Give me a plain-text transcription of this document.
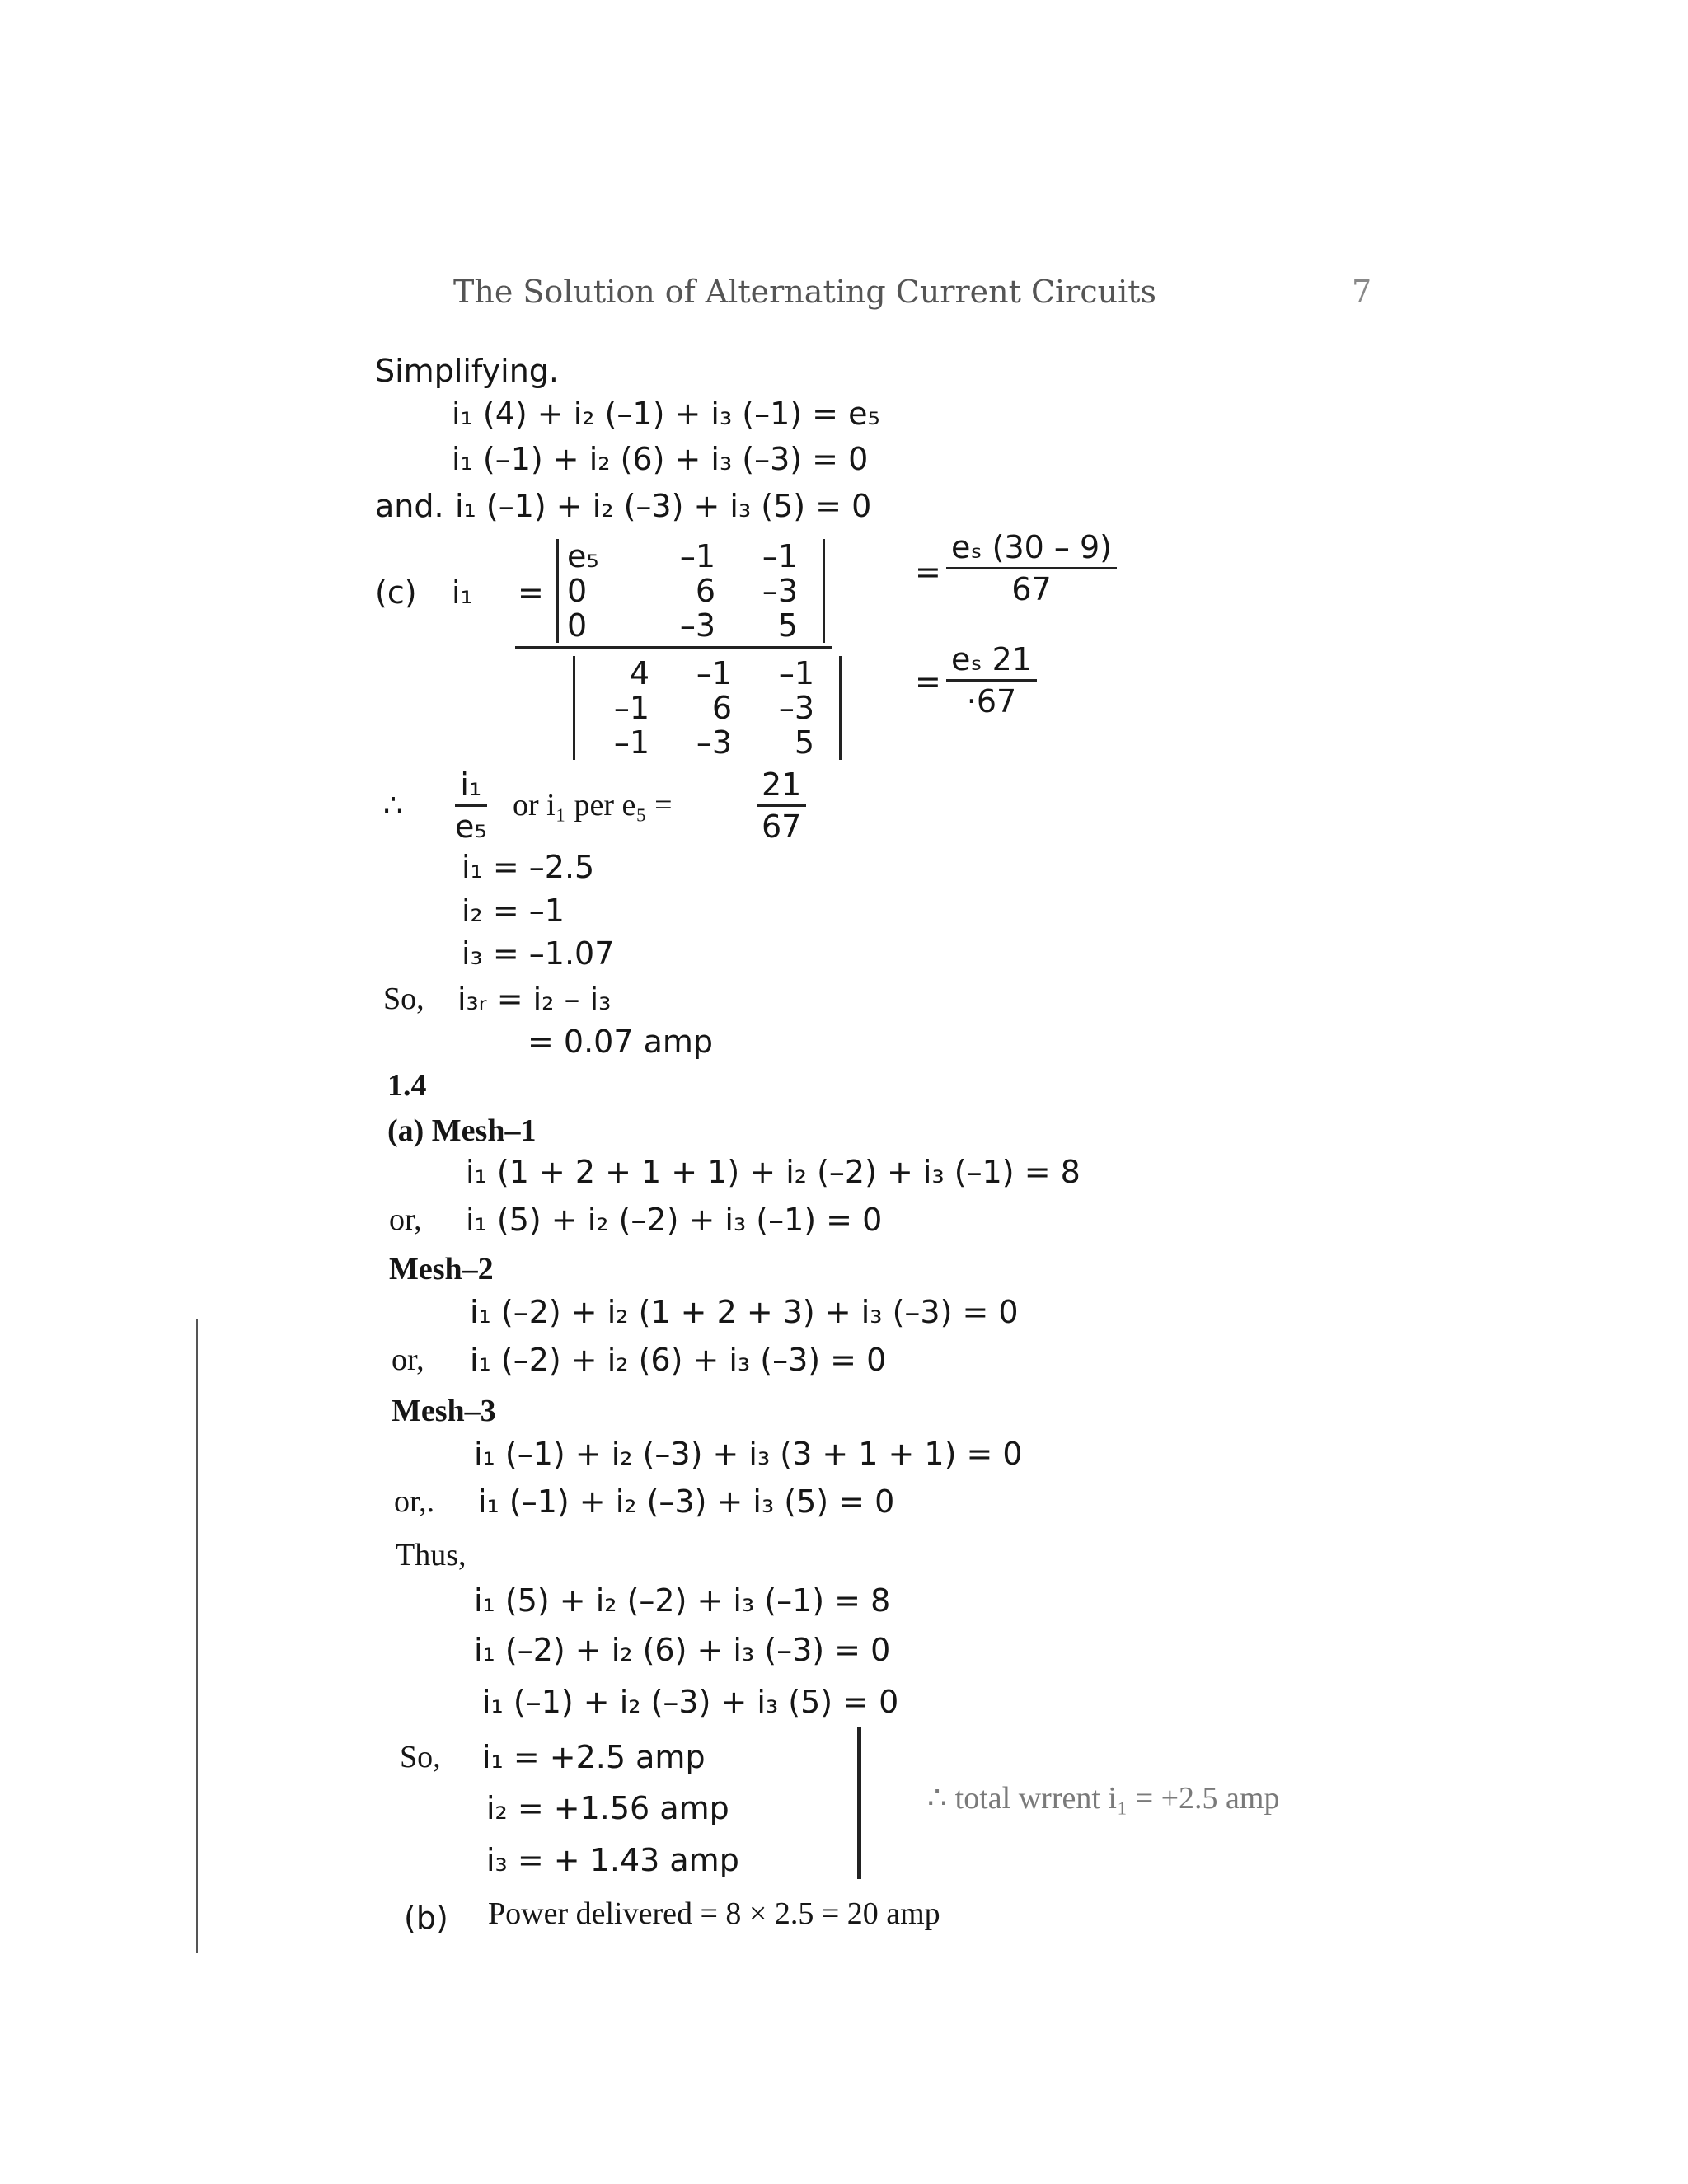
The Solution of Alternating Current Circuits	7
Simplifying.
i₁ (4) + i₂ (–1) + i₃ (–1) = e₅
i₁ (–1) + i₂ (6) + i₃ (–3) = 0
and. i₁ (–1) + i₂ (–3) + i₃ (5) = 0
(c) i₁ =
e₅	–1	–1
0	6	–3
0	–3	5
4	–1	–1
–1	6	–3
–1	–3	5
= $\frac{\text{eₛ (30 – 9)}}{67}$
= $\frac{\text{eₛ 21}}{\cdot 67}$
∴ $\frac{\text{i₁}}{\text{e₅}}$ or i₁ per e₅ =	$\frac{21}{67}$
i₁ = –2.5
i₂ = –1
i₃ = –1.07
So, i₃ᵣ = i₂ – i₃
= 0.07 amp
1.4
(a) Mesh–1
i₁ (1 + 2 + 1 + 1) + i₂ (–2) + i₃ (–1) = 8
or, i₁ (5) + i₂ (–2) + i₃ (–1) = 0
Mesh–2
i₁ (–2) + i₂ (1 + 2 + 3) + i₃ (–3) = 0
or, i₁ (–2) + i₂ (6) + i₃ (–3) = 0
Mesh–3
i₁ (–1) + i₂ (–3) + i₃ (3 + 1 + 1) = 0
or,. i₁ (–1) + i₂ (–3) + i₃ (5) = 0
Thus,
i₁ (5) + i₂ (–2) + i₃ (–1) = 8
i₁ (–2) + i₂ (6) + i₃ (–3) = 0
i₁ (–1) + i₂ (–3) + i₃ (5) = 0
So, i₁ = +2.5 amp
i₂ = +1.56 amp
i₃ = + 1.43 amp
∴ total wrrent i₁ = +2.5 amp
(b) Power delivered = 8 × 2.5 = 20 amp
